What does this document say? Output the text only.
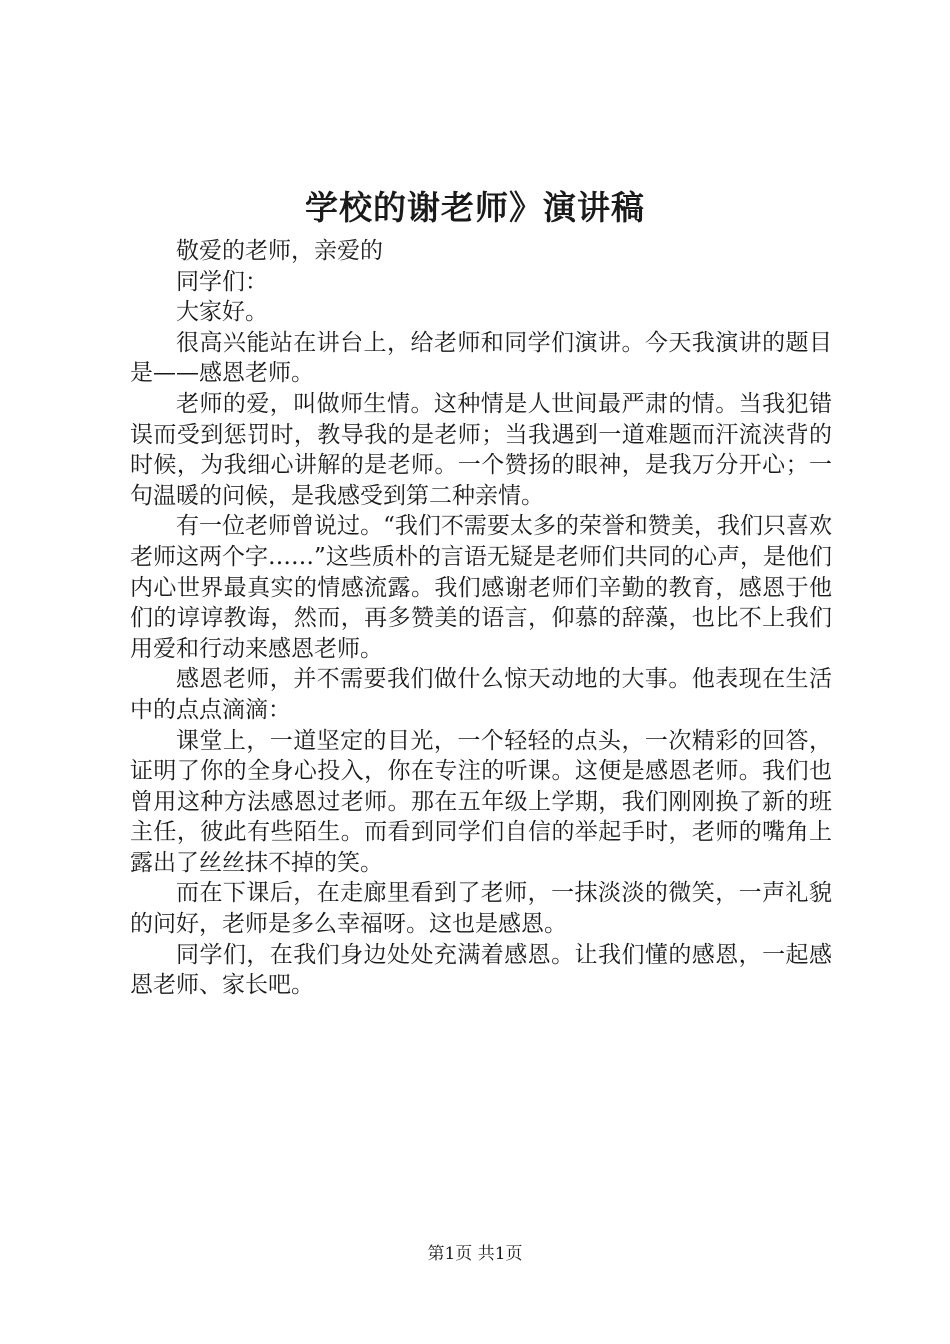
学校的谢老师》演讲稿

敬爱的老师，亲爱的

同学们：

大家好。

很高兴能站在讲台上，给老师和同学们演讲。今天我演讲的题目是——感恩老师。

老师的爱，叫做师生情。这种情是人世间最严肃的情。当我犯错误而受到惩罚时，教导我的是老师；当我遇到一道难题而汗流浃背的时候，为我细心讲解的是老师。一个赞扬的眼神，是我万分开心；一句温暖的问候，是我感受到第二种亲情。

有一位老师曾说过。“我们不需要太多的荣誉和赞美，我们只喜欢老师这两个字……”这些质朴的言语无疑是老师们共同的心声，是他们内心世界最真实的情感流露。我们感谢老师们辛勤的教育，感恩于他们的谆谆教诲，然而，再多赞美的语言，仰慕的辞藻，也比不上我们用爱和行动来感恩老师。

感恩老师，并不需要我们做什么惊天动地的大事。他表现在生活中的点点滴滴：

课堂上，一道坚定的目光，一个轻轻的点头，一次精彩的回答，证明了你的全身心投入，你在专注的听课。这便是感恩老师。我们也曾用这种方法感恩过老师。那在五年级上学期，我们刚刚换了新的班主任，彼此有些陌生。而看到同学们自信的举起手时，老师的嘴角上露出了丝丝抹不掉的笑。

而在下课后，在走廊里看到了老师，一抹淡淡的微笑，一声礼貌的问好，老师是多么幸福呀。这也是感恩。

同学们，在我们身边处处充满着感恩。让我们懂的感恩，一起感恩老师、家长吧。

第1页 共1页
